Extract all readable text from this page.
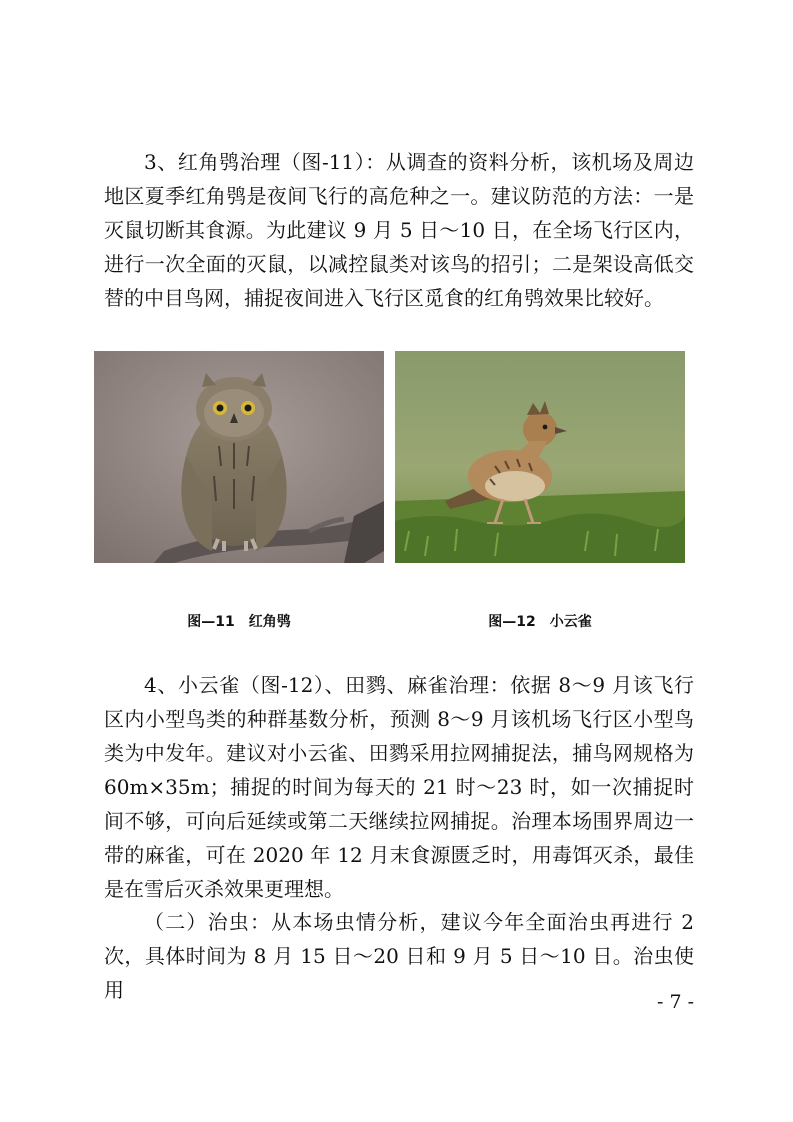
3、红角鸮治理（图-11）：从调查的资料分析，该机场及周边地区夏季红角鸮是夜间飞行的高危种之一。建议防范的方法：一是灭鼠切断其食源。为此建议 9 月 5 日～10 日，在全场飞行区内，进行一次全面的灭鼠，以减控鼠类对该鸟的招引；二是架设高低交替的中目鸟网，捕捉夜间进入飞行区觅食的红角鸮效果比较好。

图—11 红角鸮	图—12 小云雀

4、小云雀（图-12）、田鹨、麻雀治理：依据 8～9 月该飞行区内小型鸟类的种群基数分析，预测 8～9 月该机场飞行区小型鸟类为中发年。建议对小云雀、田鹨采用拉网捕捉法，捕鸟网规格为 60m×35m；捕捉的时间为每天的 21 时～23 时，如一次捕捉时间不够，可向后延续或第二天继续拉网捕捉。治理本场围界周边一带的麻雀，可在 2020 年 12 月末食源匮乏时，用毒饵灭杀，最佳是在雪后灭杀效果更理想。

（二）治虫：从本场虫情分析，建议今年全面治虫再进行 2 次，具体时间为 8 月 15 日～20 日和 9 月 5 日～10 日。治虫使用	- 7 -
